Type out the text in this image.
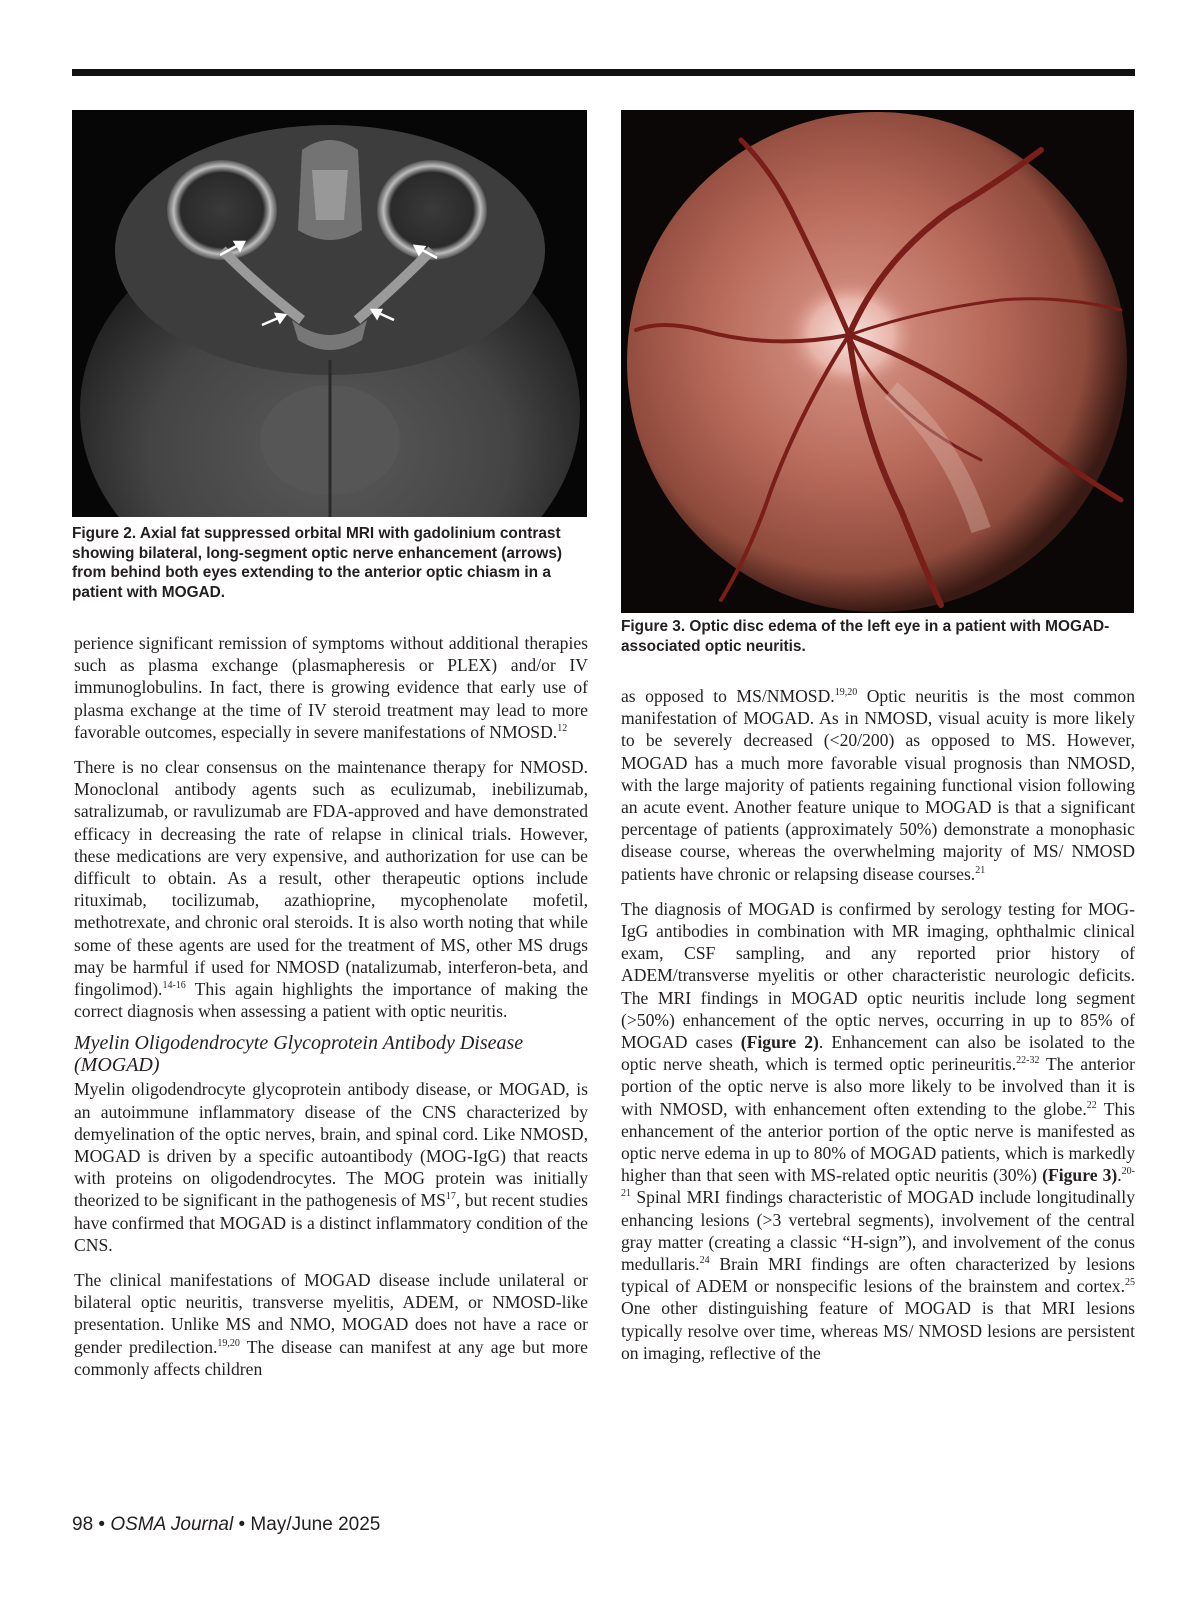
Figure 2. Axial fat suppressed orbital MRI with gadolinium contrast showing bilateral, long-segment optic nerve enhancement (arrows) from behind both eyes extending to the anterior optic chiasm in a patient with MOGAD.
Figure 3. Optic disc edema of the left eye in a patient with MOGAD-associated optic neuritis.

perience significant remission of symptoms without additional therapies such as plasma exchange (plasmapheresis or PLEX) and/or IV immunoglobulins. In fact, there is growing evidence that early use of plasma exchange at the time of IV steroid treatment may lead to more favorable outcomes, especially in severe manifestations of NMOSD.$^{12}$

There is no clear consensus on the maintenance therapy for NMOSD. Monoclonal antibody agents such as eculizumab, inebilizumab, satralizumab, or ravulizumab are FDA-approved and have demonstrated efficacy in decreasing the rate of relapse in clinical trials. However, these medications are very expensive, and authorization for use can be difficult to obtain. As a result, other therapeutic options include rituximab, tocilizumab, azathioprine, mycophenolate mofetil, methotrexate, and chronic oral steroids. It is also worth noting that while some of these agents are used for the treatment of MS, other MS drugs may be harmful if used for NMOSD (natalizumab, interferon-beta, and fingolimod).$^{14-16}$ This again highlights the importance of making the correct diagnosis when assessing a patient with optic neuritis.

Myelin Oligodendrocyte Glycoprotein Antibody Disease (MOGAD)

Myelin oligodendrocyte glycoprotein antibody disease, or MOGAD, is an autoimmune inflammatory disease of the CNS characterized by demyelination of the optic nerves, brain, and spinal cord. Like NMOSD, MOGAD is driven by a specific autoantibody (MOG-IgG) that reacts with proteins on oligodendrocytes. The MOG protein was initially theorized to be significant in the pathogenesis of MS$^{17}$, but recent studies have confirmed that MOGAD is a distinct inflammatory condition of the CNS.

The clinical manifestations of MOGAD disease include unilateral or bilateral optic neuritis, transverse myelitis, ADEM, or NMOSD-like presentation. Unlike MS and NMO, MOGAD does not have a race or gender predilection.$^{19,20}$ The disease can manifest at any age but more commonly affects children

as opposed to MS/NMOSD.$^{19,20}$ Optic neuritis is the most common manifestation of MOGAD. As in NMOSD, visual acuity is more likely to be severely decreased (<20/200) as opposed to MS. However, MOGAD has a much more favorable visual prognosis than NMOSD, with the large majority of patients regaining functional vision following an acute event. Another feature unique to MOGAD is that a significant percentage of patients (approximately 50%) demonstrate a monophasic disease course, whereas the overwhelming majority of MS/ NMOSD patients have chronic or relapsing disease courses.$^{21}$

The diagnosis of MOGAD is confirmed by serology testing for MOG-IgG antibodies in combination with MR imaging, ophthalmic clinical exam, CSF sampling, and any reported prior history of ADEM/transverse myelitis or other characteristic neurologic deficits. The MRI findings in MOGAD optic neuritis include long segment (>50%) enhancement of the optic nerves, occurring in up to 85% of MOGAD cases (Figure 2). Enhancement can also be isolated to the optic nerve sheath, which is termed optic perineuritis.$^{22-32}$ The anterior portion of the optic nerve is also more likely to be involved than it is with NMOSD, with enhancement often extending to the globe.$^{22}$ This enhancement of the anterior portion of the optic nerve is manifested as optic nerve edema in up to 80% of MOGAD patients, which is markedly higher than that seen with MS-related optic neuritis (30%) (Figure 3).$^{20-21}$ Spinal MRI findings characteristic of MOGAD include longitudinally enhancing lesions (>3 vertebral segments), involvement of the central gray matter (creating a classic “H-sign”), and involvement of the conus medullaris.$^{24}$ Brain MRI findings are often characterized by lesions typical of ADEM or nonspecific lesions of the brainstem and cortex.$^{25}$ One other distinguishing feature of MOGAD is that MRI lesions typically resolve over time, whereas MS/ NMOSD lesions are persistent on imaging, reflective of the

98 • OSMA Journal • May/June 2025
